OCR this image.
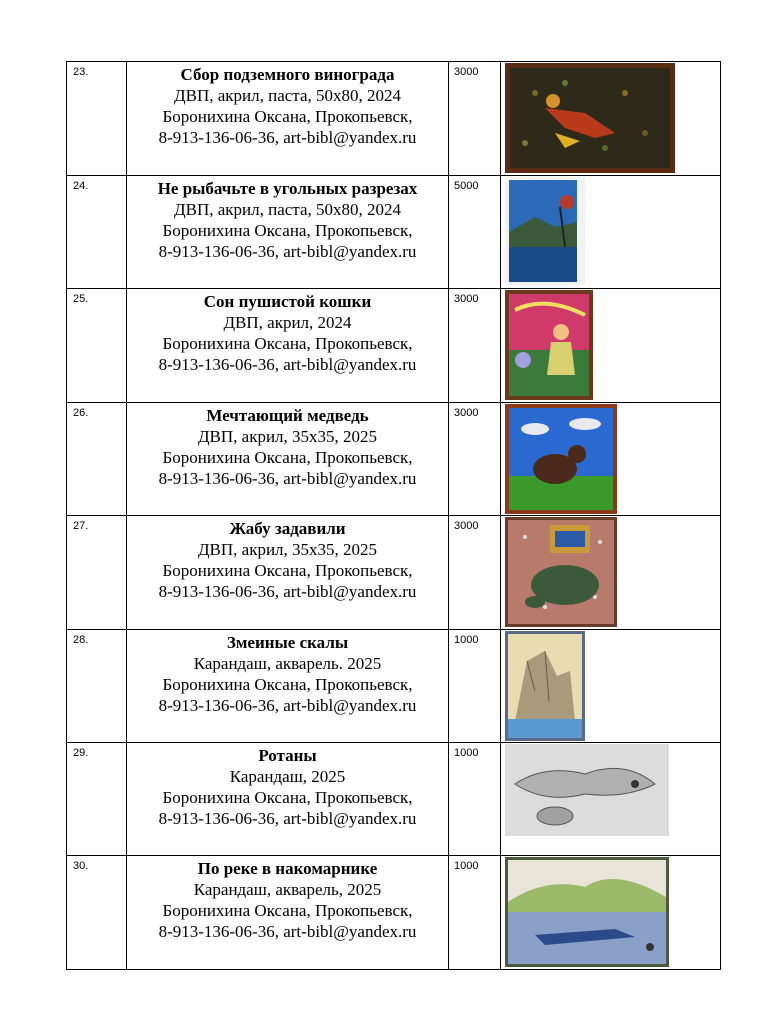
23.	Сбор подземного винограда
ДВП, акрил, паста, 50x80, 2024
Боронихина Оксана, Прокопьевск,
8-913-136-06-36, art-bibl@yandex.ru	3000	

24.	Не рыбачьте в угольных разрезах
ДВП, акрил, паста, 50x80, 2024
Боронихина Оксана, Прокопьевск,
8-913-136-06-36, art-bibl@yandex.ru	5000	

25.	Сон пушистой кошки
ДВП, акрил, 2024
Боронихина Оксана, Прокопьевск,
8-913-136-06-36, art-bibl@yandex.ru	3000	

26.	Мечтающий медведь
ДВП, акрил, 35x35, 2025
Боронихина Оксана, Прокопьевск,
8-913-136-06-36, art-bibl@yandex.ru	3000	

27.	Жабу задавили
ДВП, акрил, 35x35, 2025
Боронихина Оксана, Прокопьевск,
8-913-136-06-36, art-bibl@yandex.ru	3000	

28.	Змеиные скалы
Карандаш, акварель. 2025
Боронихина Оксана, Прокопьевск,
8-913-136-06-36, art-bibl@yandex.ru	1000	

29.	Ротаны
Карандаш, 2025
Боронихина Оксана, Прокопьевск,
8-913-136-06-36, art-bibl@yandex.ru	1000	

30.	По реке в накомарнике
Карандаш, акварель, 2025
Боронихина Оксана, Прокопьевск,
8-913-136-06-36, art-bibl@yandex.ru	1000	
